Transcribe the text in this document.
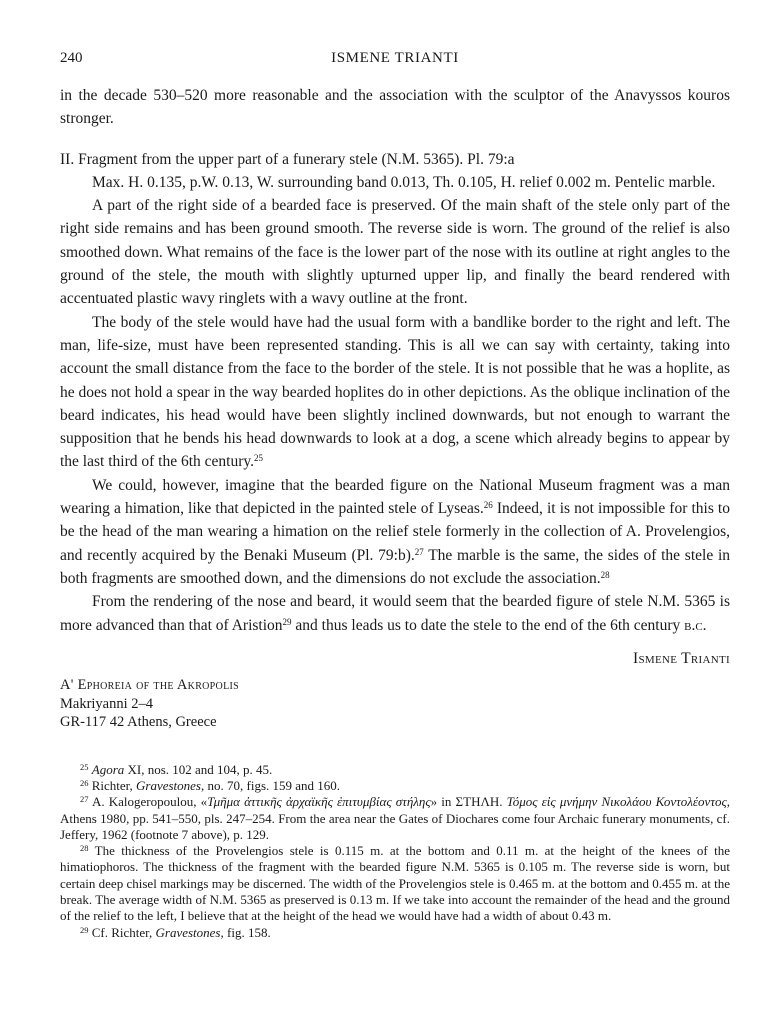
240	ISMENE TRIANTI

in the decade 530–520 more reasonable and the association with the sculptor of the Anavyssos kouros stronger.

II. Fragment from the upper part of a funerary stele (N.M. 5365). Pl. 79:a

Max. H. 0.135, p.W. 0.13, W. surrounding band 0.013, Th. 0.105, H. relief 0.002 m. Pentelic marble.

A part of the right side of a bearded face is preserved. Of the main shaft of the stele only part of the right side remains and has been ground smooth. The reverse side is worn. The ground of the relief is also smoothed down. What remains of the face is the lower part of the nose with its outline at right angles to the ground of the stele, the mouth with slightly upturned upper lip, and finally the beard rendered with accentuated plastic wavy ringlets with a wavy outline at the front.

The body of the stele would have had the usual form with a bandlike border to the right and left. The man, life-size, must have been represented standing. This is all we can say with certainty, taking into account the small distance from the face to the border of the stele. It is not possible that he was a hoplite, as he does not hold a spear in the way bearded hoplites do in other depictions. As the oblique inclination of the beard indicates, his head would have been slightly inclined downwards, but not enough to warrant the supposition that he bends his head downwards to look at a dog, a scene which already begins to appear by the last third of the 6th century.$^{25}$

We could, however, imagine that the bearded figure on the National Museum fragment was a man wearing a himation, like that depicted in the painted stele of Lyseas.$^{26}$ Indeed, it is not impossible for this to be the head of the man wearing a himation on the relief stele formerly in the collection of A. Provelengios, and recently acquired by the Benaki Museum (Pl. 79:b).$^{27}$ The marble is the same, the sides of the stele in both fragments are smoothed down, and the dimensions do not exclude the association.$^{28}$

From the rendering of the nose and beard, it would seem that the bearded figure of stele N.M. 5365 is more advanced than that of Aristion$^{29}$ and thus leads us to date the stele to the end of the 6th century b.c.

Ismene Trianti

A' Ephoreia of the Akropolis
Makriyanni 2–4
GR-117 42 Athens, Greece

$^{25}$ Agora XI, nos. 102 and 104, p. 45.

$^{26}$ Richter, Gravestones, no. 70, figs. 159 and 160.

$^{27}$ A. Kalogeropoulou, «Τμῆμα ἀττικῆς ἀρχαϊκῆς ἐπιτυμβίας στήλης» in ΣΤΗΛΗ. Τόμος εἰς μνήμην Νικολάου Κοντολέοντος, Athens 1980, pp. 541–550, pls. 247–254. From the area near the Gates of Diochares come four Archaic funerary monuments, cf. Jeffery, 1962 (footnote 7 above), p. 129.

$^{28}$ The thickness of the Provelengios stele is 0.115 m. at the bottom and 0.11 m. at the height of the knees of the himatiophoros. The thickness of the fragment with the bearded figure N.M. 5365 is 0.105 m. The reverse side is worn, but certain deep chisel markings may be discerned. The width of the Provelengios stele is 0.465 m. at the bottom and 0.455 m. at the break. The average width of N.M. 5365 as preserved is 0.13 m. If we take into account the remainder of the head and the ground of the relief to the left, I believe that at the height of the head we would have had a width of about 0.43 m.

$^{29}$ Cf. Richter, Gravestones, fig. 158.
